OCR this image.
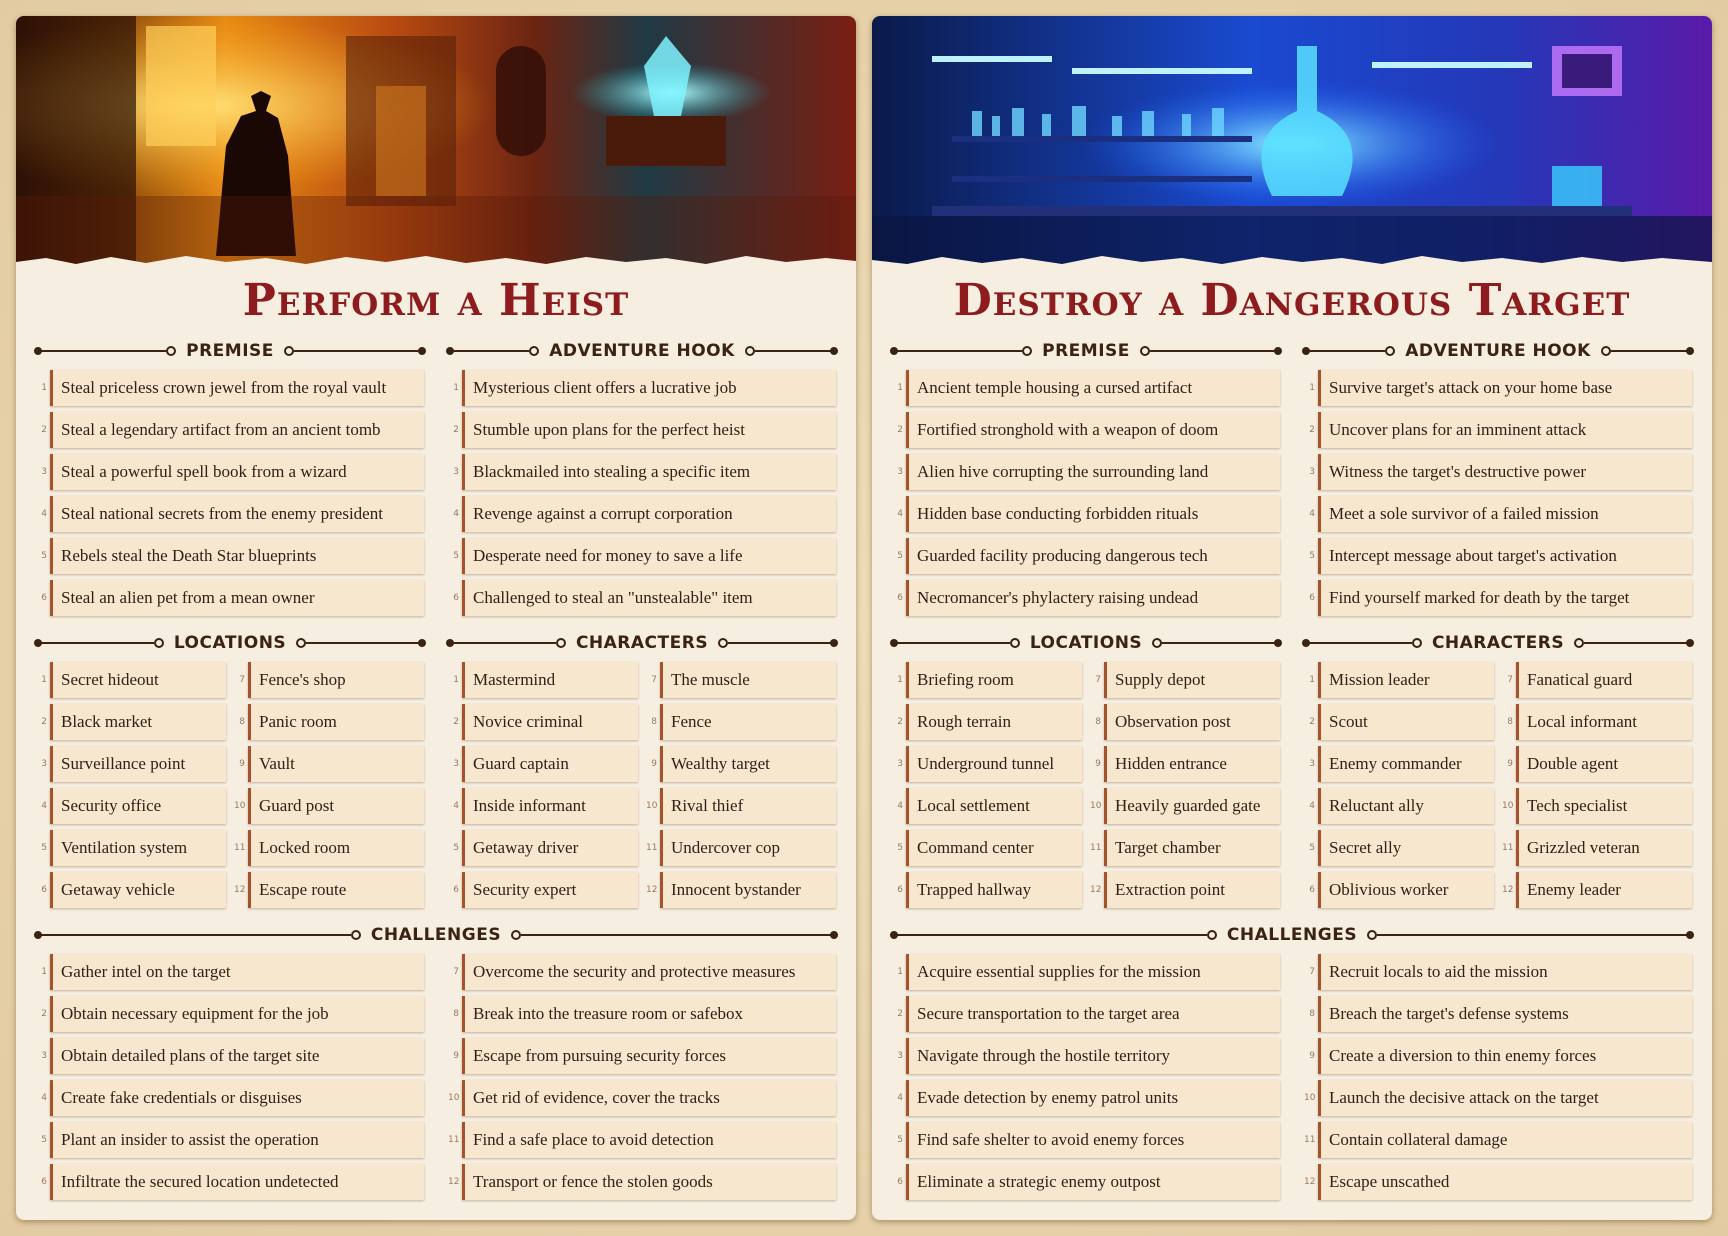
Perform a Heist
PREMISE
1 Steal priceless crown jewel from the royal vault
2 Steal a legendary artifact from an ancient tomb
3 Steal a powerful spell book from a wizard
4 Steal national secrets from the enemy president
5 Rebels steal the Death Star blueprints
6 Steal an alien pet from a mean owner
ADVENTURE HOOK
1 Mysterious client offers a lucrative job
2 Stumble upon plans for the perfect heist
3 Blackmailed into stealing a specific item
4 Revenge against a corrupt corporation
5 Desperate need for money to save a life
6 Challenged to steal an "unstealable" item
LOCATIONS
1 Secret hideout
2 Black market
3 Surveillance point
4 Security office
5 Ventilation system
6 Getaway vehicle
7 Fence's shop
8 Panic room
9 Vault
10 Guard post
11 Locked room
12 Escape route
CHARACTERS
1 Mastermind
2 Novice criminal
3 Guard captain
4 Inside informant
5 Getaway driver
6 Security expert
7 The muscle
8 Fence
9 Wealthy target
10 Rival thief
11 Undercover cop
12 Innocent bystander
CHALLENGES
1 Gather intel on the target
2 Obtain necessary equipment for the job
3 Obtain detailed plans of the target site
4 Create fake credentials or disguises
5 Plant an insider to assist the operation
6 Infiltrate the secured location undetected
7 Overcome the security and protective measures
8 Break into the treasure room or safebox
9 Escape from pursuing security forces
10 Get rid of evidence, cover the tracks
11 Find a safe place to avoid detection
12 Transport or fence the stolen goods
Destroy a Dangerous Target
PREMISE
1 Ancient temple housing a cursed artifact
2 Fortified stronghold with a weapon of doom
3 Alien hive corrupting the surrounding land
4 Hidden base conducting forbidden rituals
5 Guarded facility producing dangerous tech
6 Necromancer's phylactery raising undead
ADVENTURE HOOK
1 Survive target's attack on your home base
2 Uncover plans for an imminent attack
3 Witness the target's destructive power
4 Meet a sole survivor of a failed mission
5 Intercept message about target's activation
6 Find yourself marked for death by the target
LOCATIONS
1 Briefing room
2 Rough terrain
3 Underground tunnel
4 Local settlement
5 Command center
6 Trapped hallway
7 Supply depot
8 Observation post
9 Hidden entrance
10 Heavily guarded gate
11 Target chamber
12 Extraction point
CHARACTERS
1 Mission leader
2 Scout
3 Enemy commander
4 Reluctant ally
5 Secret ally
6 Oblivious worker
7 Fanatical guard
8 Local informant
9 Double agent
10 Tech specialist
11 Grizzled veteran
12 Enemy leader
CHALLENGES
1 Acquire essential supplies for the mission
2 Secure transportation to the target area
3 Navigate through the hostile territory
4 Evade detection by enemy patrol units
5 Find safe shelter to avoid enemy forces
6 Eliminate a strategic enemy outpost
7 Recruit locals to aid the mission
8 Breach the target's defense systems
9 Create a diversion to thin enemy forces
10 Launch the decisive attack on the target
11 Contain collateral damage
12 Escape unscathed
